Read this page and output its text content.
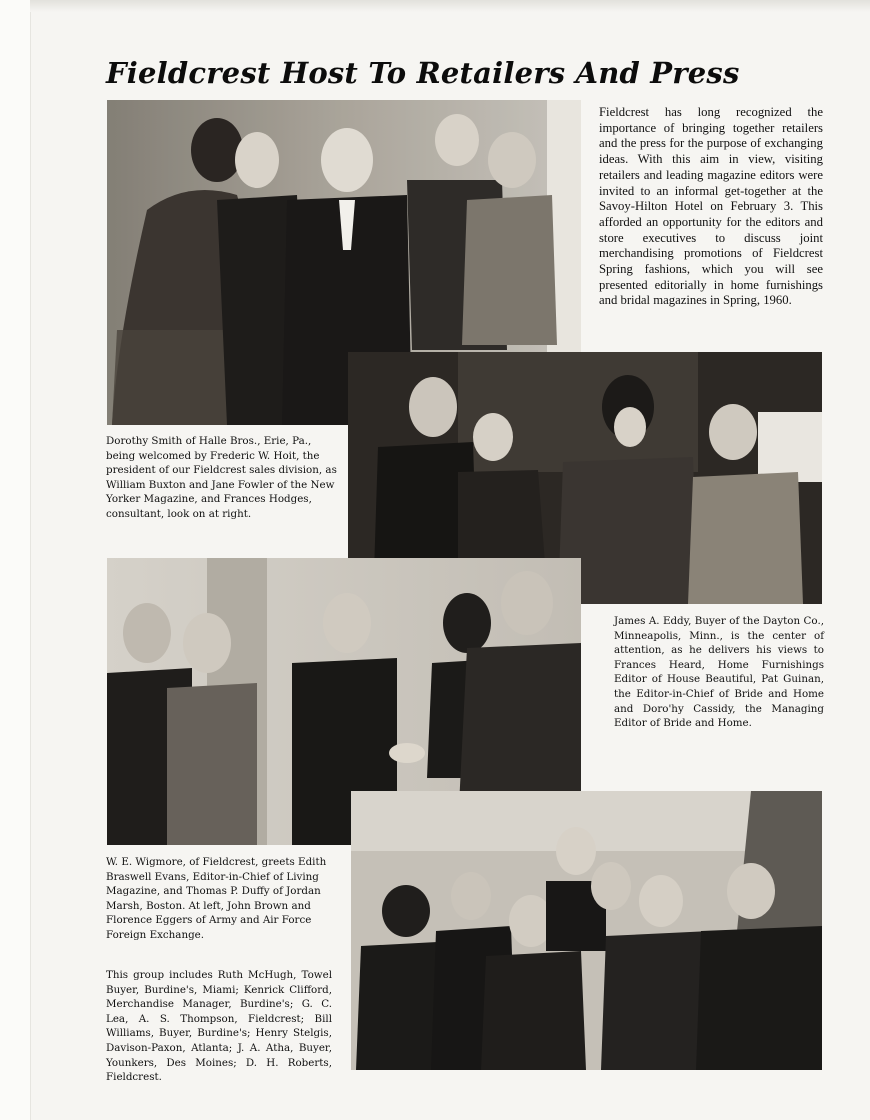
Fieldcrest Host To Retailers And Press

Fieldcrest has long recognized the importance of bringing together retailers and the press for the purpose of exchanging ideas. With this aim in view, visiting retailers and leading magazine editors were invited to an informal get-together at the Savoy-Hilton Hotel on February 3. This afforded an opportunity for the editors and store executives to discuss joint merchandising promotions of Fieldcrest Spring fashions, which you will see presented editorially in home furnishings and bridal magazines in Spring, 1960.

Dorothy Smith of Halle Bros., Erie, Pa., being welcomed by Frederic W. Hoit, the president of our Fieldcrest sales division, as William Buxton and Jane Fowler of the New Yorker Magazine, and Frances Hodges, consultant, look on at right.

James A. Eddy, Buyer of the Dayton Co., Minneapolis, Minn., is the center of attention, as he delivers his views to Frances Heard, Home Furnishings Editor of House Beautiful, Pat Guinan, the Editor-in-Chief of Bride and Home and Doro'hy Cassidy, the Managing Editor of Bride and Home.

W. E. Wigmore, of Fieldcrest, greets Edith Braswell Evans, Editor-in-Chief of Living Magazine, and Thomas P. Duffy of Jordan Marsh, Boston. At left, John Brown and Florence Eggers of Army and Air Force Foreign Exchange.

This group includes Ruth McHugh, Towel Buyer, Burdine's, Miami; Kenrick Clifford, Merchandise Manager, Burdine's; G. C. Lea, A. S. Thompson, Fieldcrest; Bill Williams, Buyer, Burdine's; Henry Stelgis, Davison-Paxon, Atlanta; J. A. Atha, Buyer, Younkers, Des Moines; D. H. Roberts, Fieldcrest.
